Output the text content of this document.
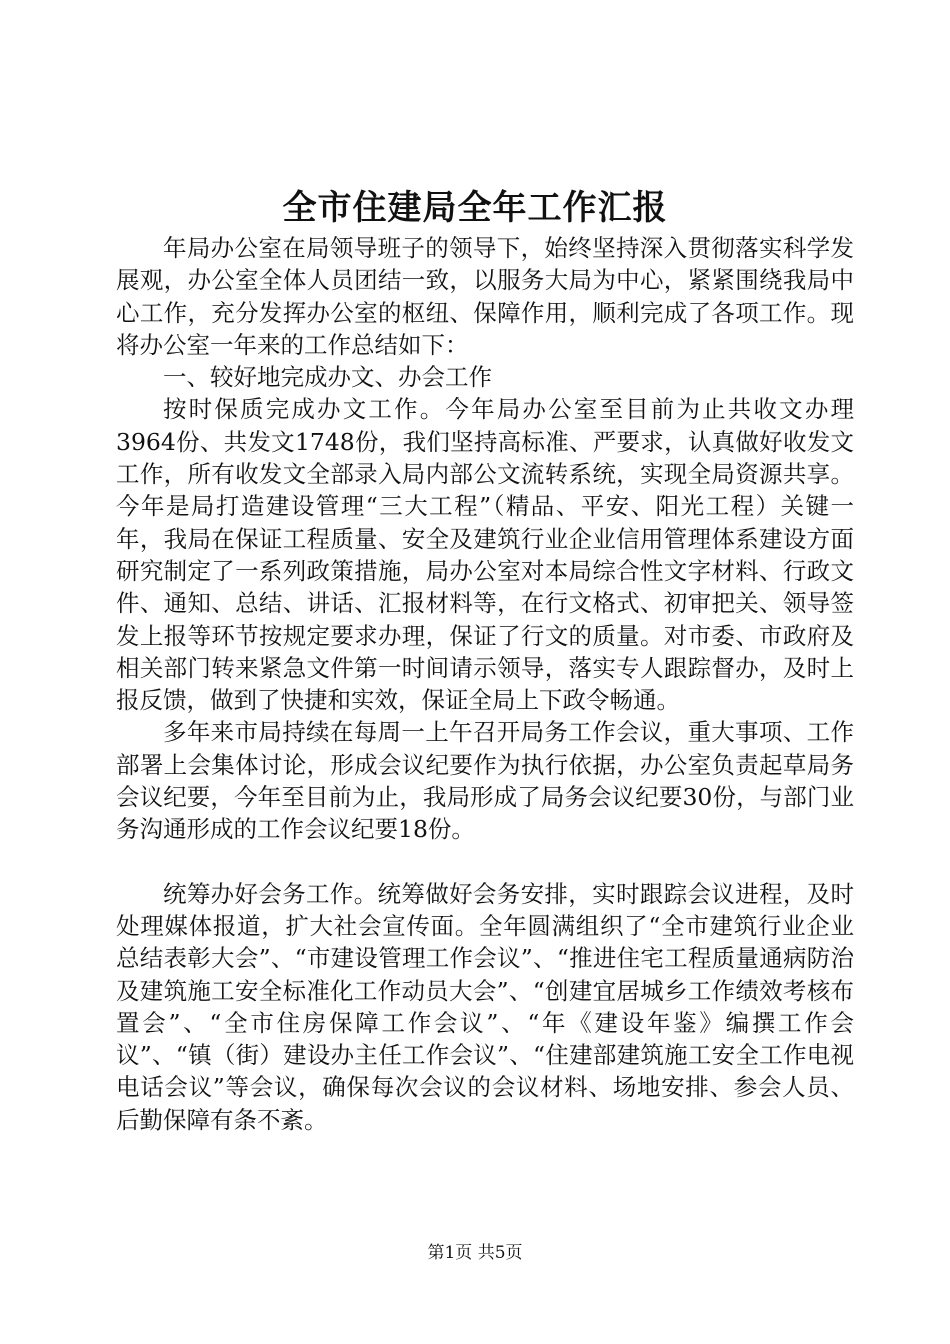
全市住建局全年工作汇报

年局办公室在局领导班子的领导下，始终坚持深入贯彻落实科学发展观，办公室全体人员团结一致，以服务大局为中心，紧紧围绕我局中心工作，充分发挥办公室的枢纽、保障作用，顺利完成了各项工作。现将办公室一年来的工作总结如下：

一、较好地完成办文、办会工作

按时保质完成办文工作。今年局办公室至目前为止共收文办理3964份、共发文1748份，我们坚持高标准、严要求，认真做好收发文工作，所有收发文全部录入局内部公文流转系统，实现全局资源共享。今年是局打造建设管理“三大工程”（精品、平安、阳光工程）关键一年，我局在保证工程质量、安全及建筑行业企业信用管理体系建设方面研究制定了一系列政策措施，局办公室对本局综合性文字材料、行政文件、通知、总结、讲话、汇报材料等，在行文格式、初审把关、领导签发上报等环节按规定要求办理，保证了行文的质量。对市委、市政府及相关部门转来紧急文件第一时间请示领导，落实专人跟踪督办，及时上报反馈，做到了快捷和实效，保证全局上下政令畅通。

多年来市局持续在每周一上午召开局务工作会议，重大事项、工作部署上会集体讨论，形成会议纪要作为执行依据，办公室负责起草局务会议纪要，今年至目前为止，我局形成了局务会议纪要30份，与部门业务沟通形成的工作会议纪要18份。

统筹办好会务工作。统筹做好会务安排，实时跟踪会议进程，及时处理媒体报道，扩大社会宣传面。全年圆满组织了“全市建筑行业企业总结表彰大会”、“市建设管理工作会议”、“推进住宅工程质量通病防治及建筑施工安全标准化工作动员大会”、“创建宜居城乡工作绩效考核布置会”、“全市住房保障工作会议”、“年《建设年鉴》编撰工作会议”、“镇（街）建设办主任工作会议”、“住建部建筑施工安全工作电视电话会议”等会议，确保每次会议的会议材料、场地安排、参会人员、后勤保障有条不紊。

第1页 共5页
